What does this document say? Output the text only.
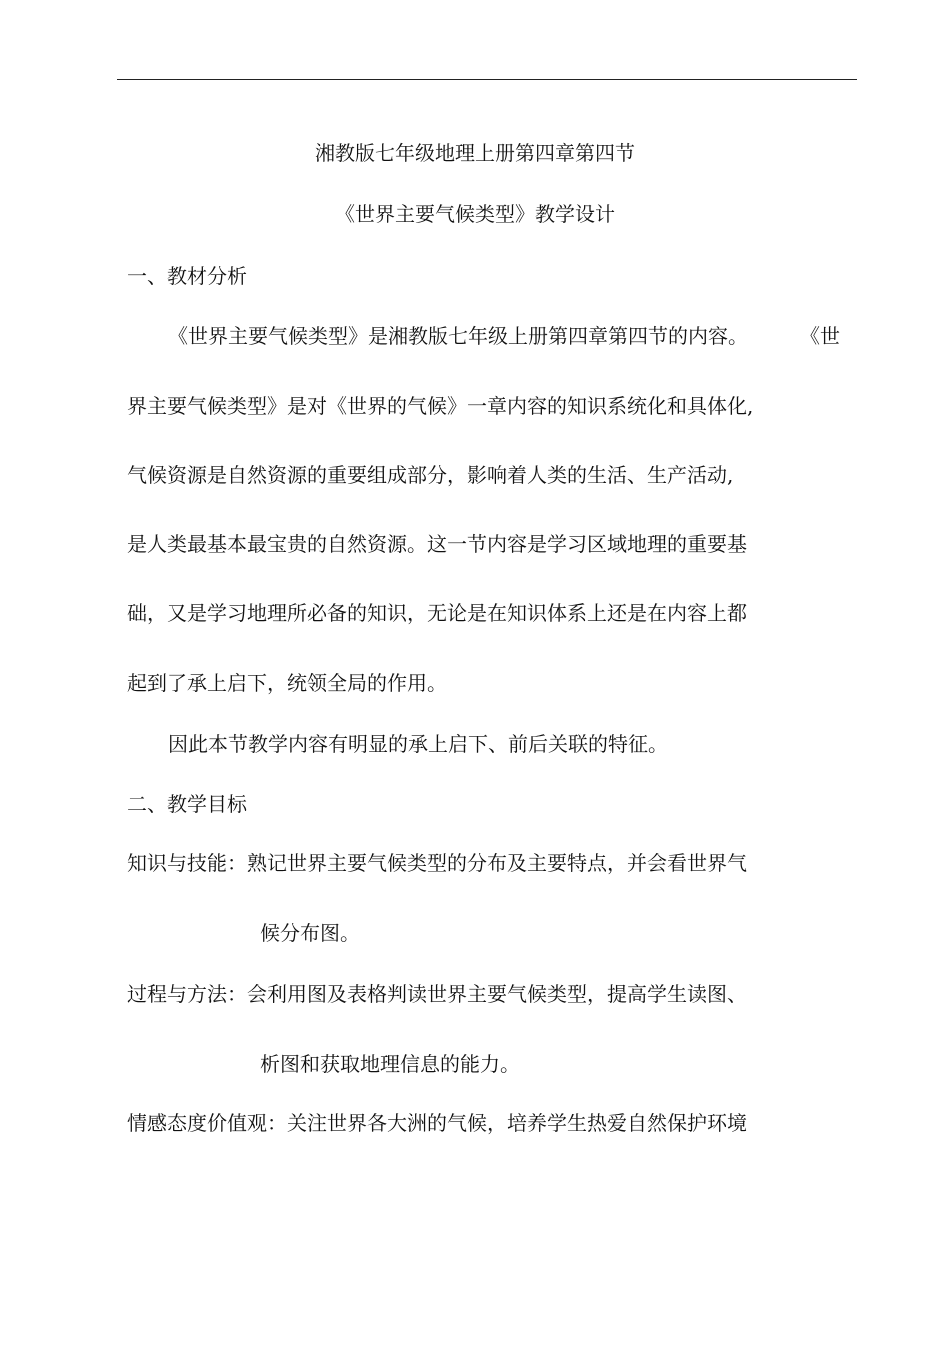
湘教版七年级地理上册第四章第四节
《世界主要气候类型》教学设计
一、教材分析
《世界主要气候类型》是湘教版七年级上册第四章第四节的内容。	《世
界主要气候类型》是对《世界的气候》一章内容的知识系统化和具体化,
气候资源是自然资源的重要组成部分，影响着人类的生活、生产活动,
是人类最基本最宝贵的自然资源。这一节内容是学习区域地理的重要基
础，又是学习地理所必备的知识，无论是在知识体系上还是在内容上都
起到了承上启下，统领全局的作用。
因此本节教学内容有明显的承上启下、前后关联的特征。
二、教学目标
知识与技能：熟记世界主要气候类型的分布及主要特点，并会看世界气
候分布图。
过程与方法：会利用图及表格判读世界主要气候类型，提高学生读图、
析图和获取地理信息的能力。
情感态度价值观：关注世界各大洲的气候，培养学生热爱自然保护环境
